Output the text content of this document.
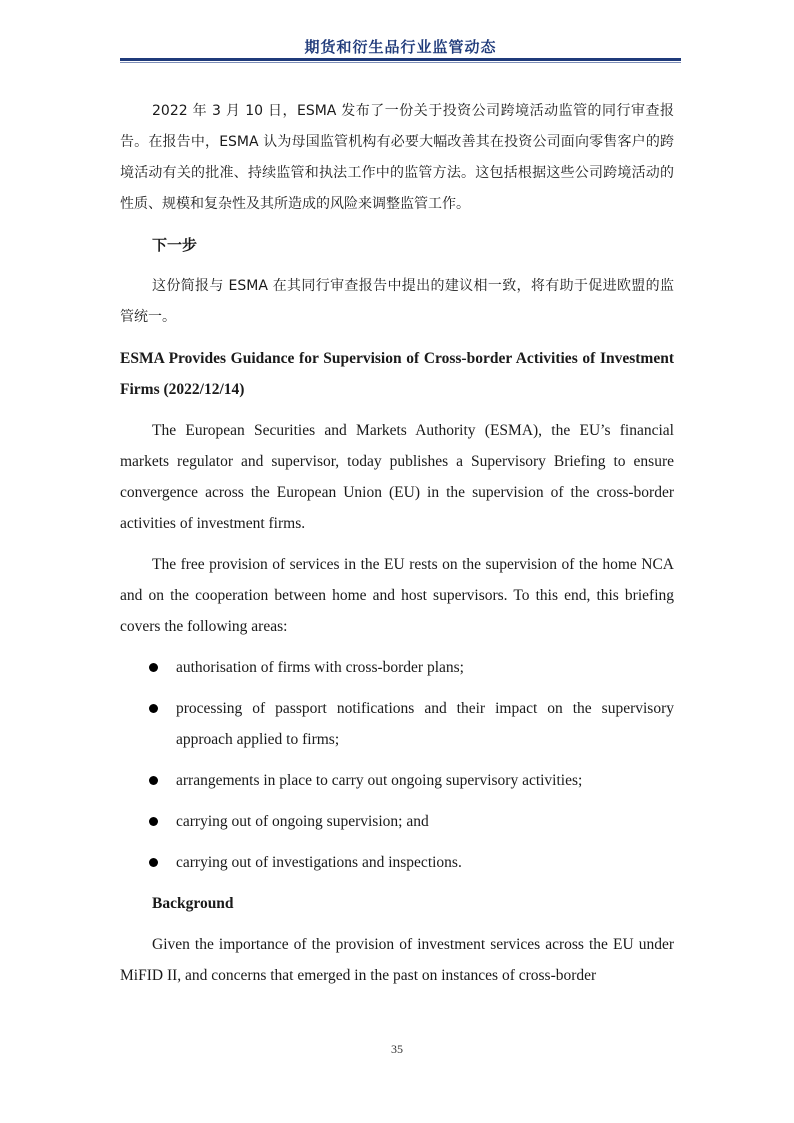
期货和衍生品行业监管动态

2022 年 3 月 10 日，ESMA 发布了一份关于投资公司跨境活动监管的同行审查报告。在报告中，ESMA 认为母国监管机构有必要大幅改善其在投资公司面向零售客户的跨境活动有关的批准、持续监管和执法工作中的监管方法。这包括根据这些公司跨境活动的性质、规模和复杂性及其所造成的风险来调整监管工作。

下一步

这份简报与 ESMA 在其同行审查报告中提出的建议相一致，将有助于促进欧盟的监管统一。

ESMA Provides Guidance for Supervision of Cross-border Activities of Investment Firms (2022/12/14)

The European Securities and Markets Authority (ESMA), the EU’s financial markets regulator and supervisor, today publishes a Supervisory Briefing to ensure convergence across the European Union (EU) in the supervision of the cross-border activities of investment firms.

The free provision of services in the EU rests on the supervision of the home NCA and on the cooperation between home and host supervisors. To this end, this briefing covers the following areas:

authorisation of firms with cross-border plans;
processing of passport notifications and their impact on the supervisory approach applied to firms;
arrangements in place to carry out ongoing supervisory activities;
carrying out of ongoing supervision; and
carrying out of investigations and inspections.
Background

Given the importance of the provision of investment services across the EU under MiFID II, and concerns that emerged in the past on instances of cross-border

35
